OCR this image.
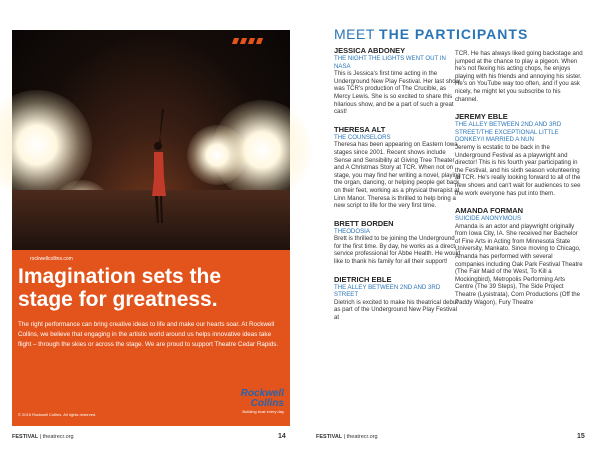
rockwellcollins.com
Imagination sets the
stage for greatness.

The right performance can bring creative ideas to life and make our hearts soar. At Rockwell Collins, we believe that engaging in the artistic world around us helps innovative ideas take flight – through the skies or across the stage. We are proud to support Theatre Cedar Rapids.

© 2015 Rockwell Collins. All rights reserved.
Rockwell
Collins
Building trust every day
FESTIVAL | theatrecr.org	14
MEET THE PARTICIPANTS
JESSICA ABDONEY
THE NIGHT THE LIGHTS WENT OUT IN NASA
This is Jessica's first time acting in the Underground New Play Festival. Her last show was TCR's production of The Crucible, as Mercy Lewis. She is so excited to share this hilarious show, and be a part of such a great cast!
THERESA ALT
THE COUNSELORS
Theresa has been appearing on Eastern Iowa stages since 2001. Recent shows include Sense and Sensibility at Giving Tree Theater and A Christmas Story at TCR. When not on stage, you may find her writing a novel, playing the organ, dancing, or helping people get back on their feet, working as a physical therapist at Linn Manor. Theresa is thrilled to help bring a new script to life for the very first time.
BRETT BORDEN
THEODOSIA
Brett is thrilled to be joining the Underground for the first time. By day, he works as a direct service professional for Abbe Health. He would like to thank his family for all their support!
DIETRICH EBLE
THE ALLEY BETWEEN 2ND AND 3RD STREET
Dietrich is excited to make his theatrical debut as part of the Underground New Play Festival at
TCR. He has always liked going backstage and jumped at the chance to play a pigeon. When he's not flexing his acting chops, he enjoys playing with his friends and annoying his sister. He's on YouTube way too often, and if you ask nicely, he might let you subscribe to his channel.
JEREMY EBLE
THE ALLEY BETWEEN 2ND AND 3RD STREET/THE EXCEPTIONAL LITTLE DONKEY/I MARRIED A NUN
Jeremy is ecstatic to be back in the Underground Festival as a playwright and director! This is his fourth year participating in the Festival, and his sixth season volunteering at TCR. He's really looking forward to all of the new shows and can't wait for audiences to see the work everyone has put into them.
AMANDA FORMAN
SUICIDE ANONYMOUS
Amanda is an actor and playwright originally from Iowa City, IA. She received her Bachelor of Fine Arts in Acting from Minnesota State University, Mankato. Since moving to Chicago, Amanda has performed with several companies including Oak Park Festival Theatre (The Fair Maid of the West, To Kill a Mockingbird), Metropolis Performing Arts Centre (The 39 Steps), The Side Project Theatre (Lysistrata), Corn Productions (Off the Paddy Wagon), Fury Theatre
FESTIVAL | theatrecr.org	15
